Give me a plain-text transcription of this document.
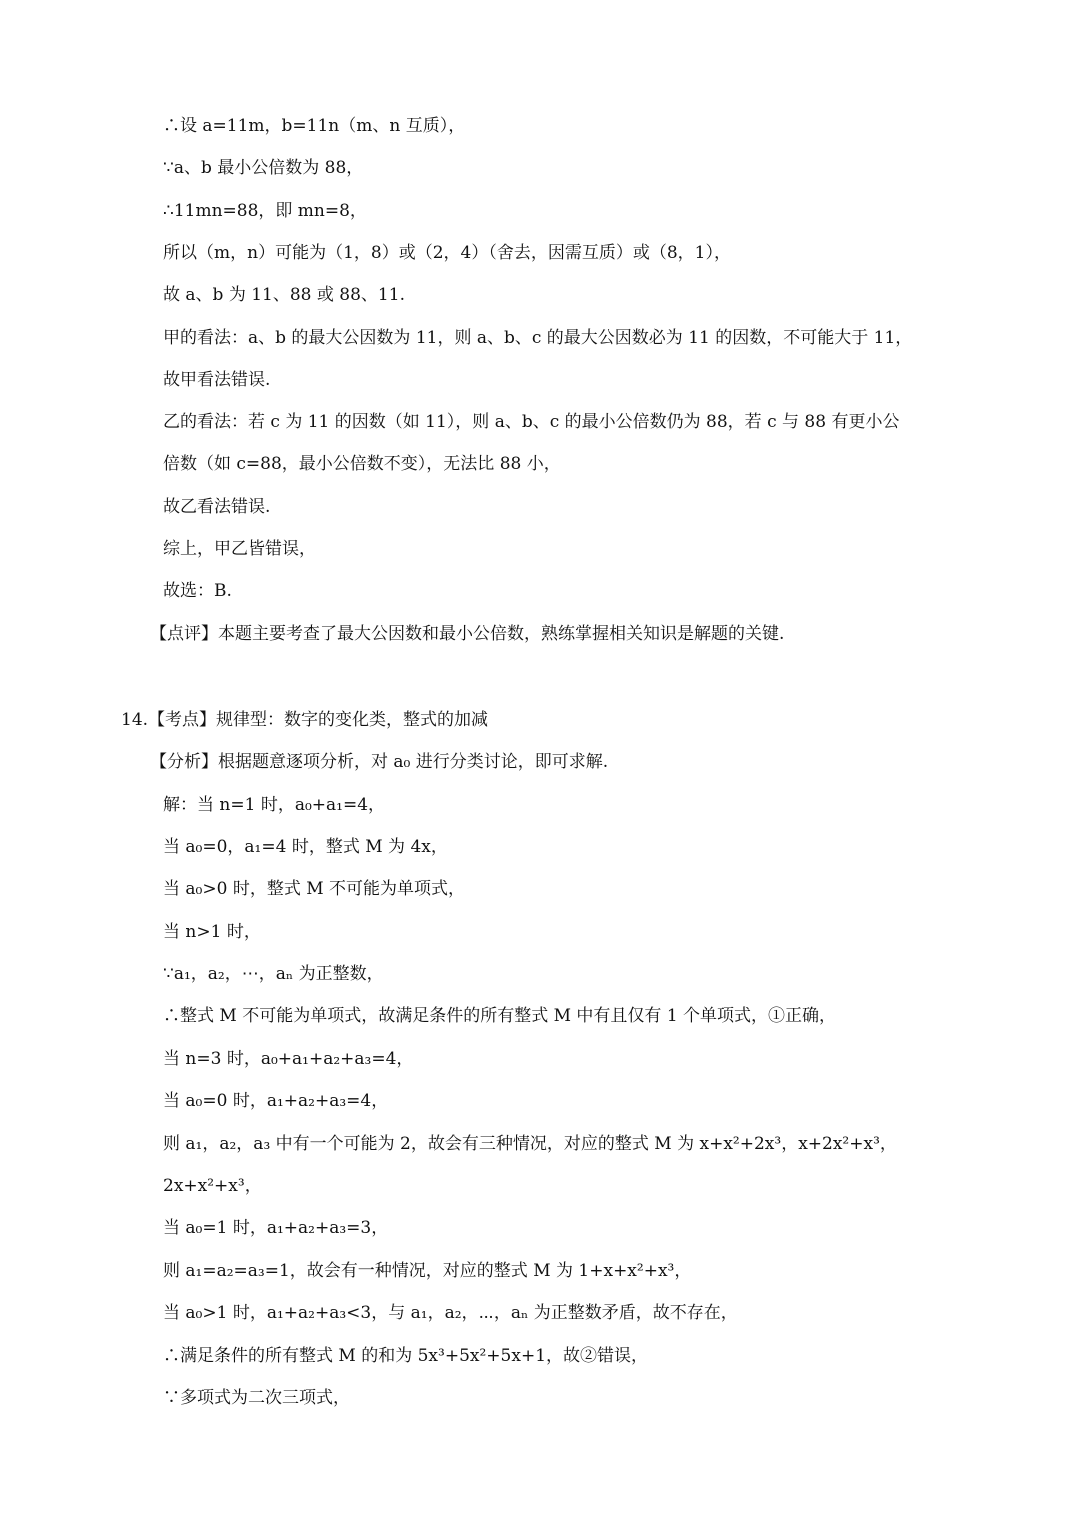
∴设 a=11m，b=11n（m、n 互质），
∵a、b 最小公倍数为 88，
∴11mn=88，即 mn=8，
所以（m，n）可能为（1，8）或（2，4）（舍去，因需互质）或（8，1），
故 a、b 为 11、88 或 88、11.
甲的看法：a、b 的最大公因数为 11，则 a、b、c 的最大公因数必为 11 的因数，不可能大于 11，
故甲看法错误.
乙的看法：若 c 为 11 的因数（如 11），则 a、b、c 的最小公倍数仍为 88，若 c 与 88 有更小公
倍数（如 c=88，最小公倍数不变），无法比 88 小，
故乙看法错误.
综上，甲乙皆错误，
故选：B.
【点评】本题主要考查了最大公因数和最小公倍数，熟练掌握相关知识是解题的关键.
14.【考点】规律型：数字的变化类，整式的加减
【分析】根据题意逐项分析，对 a₀ 进行分类讨论，即可求解.
解：当 n=1 时，a₀+a₁=4，
当 a₀=0，a₁=4 时，整式 M 为 4x，
当 a₀>0 时，整式 M 不可能为单项式，
当 n>1 时，
∵a₁，a₂，⋯，aₙ 为正整数，
∴整式 M 不可能为单项式，故满足条件的所有整式 M 中有且仅有 1 个单项式，①正确，
当 n=3 时，a₀+a₁+a₂+a₃=4，
当 a₀=0 时，a₁+a₂+a₃=4，
则 a₁，a₂，a₃ 中有一个可能为 2，故会有三种情况，对应的整式 M 为 x+x²+2x³，x+2x²+x³，
2x+x²+x³，
当 a₀=1 时，a₁+a₂+a₃=3，
则 a₁=a₂=a₃=1，故会有一种情况，对应的整式 M 为 1+x+x²+x³，
当 a₀>1 时，a₁+a₂+a₃<3，与 a₁，a₂，⋯，aₙ 为正整数矛盾，故不存在，
∴满足条件的所有整式 M 的和为 5x³+5x²+5x+1，故②错误，
∵多项式为二次三项式，
